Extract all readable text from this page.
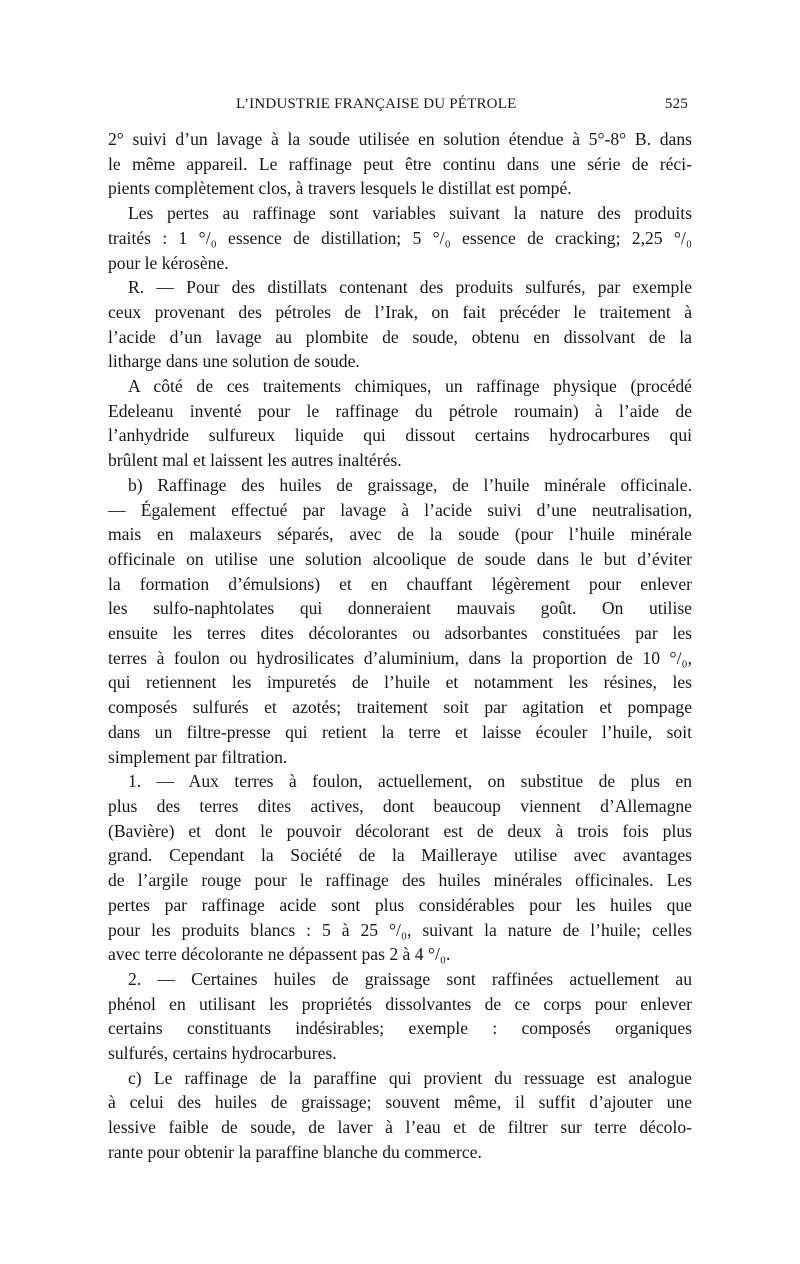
L’INDUSTRIE FRANÇAISE DU PÉTROLE	525
2° suivi d’un lavage à la soude utilisée en solution étendue à 5°-8° B. dans
le même appareil. Le raffinage peut être continu dans une série de réci-
pients complètement clos, à travers lesquels le distillat est pompé.
Les pertes au raffinage sont variables suivant la nature des produits
traités : 1 °/₀ essence de distillation; 5 °/₀ essence de cracking; 2,25 °/₀
pour le kérosène.
R. — Pour des distillats contenant des produits sulfurés, par exemple
ceux provenant des pétroles de l’Irak, on fait précéder le traitement à
l’acide d’un lavage au plombite de soude, obtenu en dissolvant de la
litharge dans une solution de soude.
A côté de ces traitements chimiques, un raffinage physique (procédé
Edeleanu inventé pour le raffinage du pétrole roumain) à l’aide de
l’anhydride sulfureux liquide qui dissout certains hydrocarbures qui
brûlent mal et laissent les autres inaltérés.
b) Raffinage des huiles de graissage, de l’huile minérale officinale.
— Également effectué par lavage à l’acide suivi d’une neutralisation,
mais en malaxeurs séparés, avec de la soude (pour l’huile minérale
officinale on utilise une solution alcoolique de soude dans le but d’éviter
la formation d’émulsions) et en chauffant légèrement pour enlever
les sulfo-naphtolates qui donneraient mauvais goût. On utilise
ensuite les terres dites décolorantes ou adsorbantes constituées par les
terres à foulon ou hydrosilicates d’aluminium, dans la proportion de 10 °/₀,
qui retiennent les impuretés de l’huile et notamment les résines, les
composés sulfurés et azotés; traitement soit par agitation et pompage
dans un filtre-presse qui retient la terre et laisse écouler l’huile, soit
simplement par filtration.
1. — Aux terres à foulon, actuellement, on substitue de plus en
plus des terres dites actives, dont beaucoup viennent d’Allemagne
(Bavière) et dont le pouvoir décolorant est de deux à trois fois plus
grand. Cependant la Société de la Mailleraye utilise avec avantages
de l’argile rouge pour le raffinage des huiles minérales officinales. Les
pertes par raffinage acide sont plus considérables pour les huiles que
pour les produits blancs : 5 à 25 °/₀, suivant la nature de l’huile; celles
avec terre décolorante ne dépassent pas 2 à 4 °/₀.
2. — Certaines huiles de graissage sont raffinées actuellement au
phénol en utilisant les propriétés dissolvantes de ce corps pour enlever
certains constituants indésirables; exemple : composés organiques
sulfurés, certains hydrocarbures.
c) Le raffinage de la paraffine qui provient du ressuage est analogue
à celui des huiles de graissage; souvent même, il suffit d’ajouter une
lessive faible de soude, de laver à l’eau et de filtrer sur terre décolo-
rante pour obtenir la paraffine blanche du commerce.
